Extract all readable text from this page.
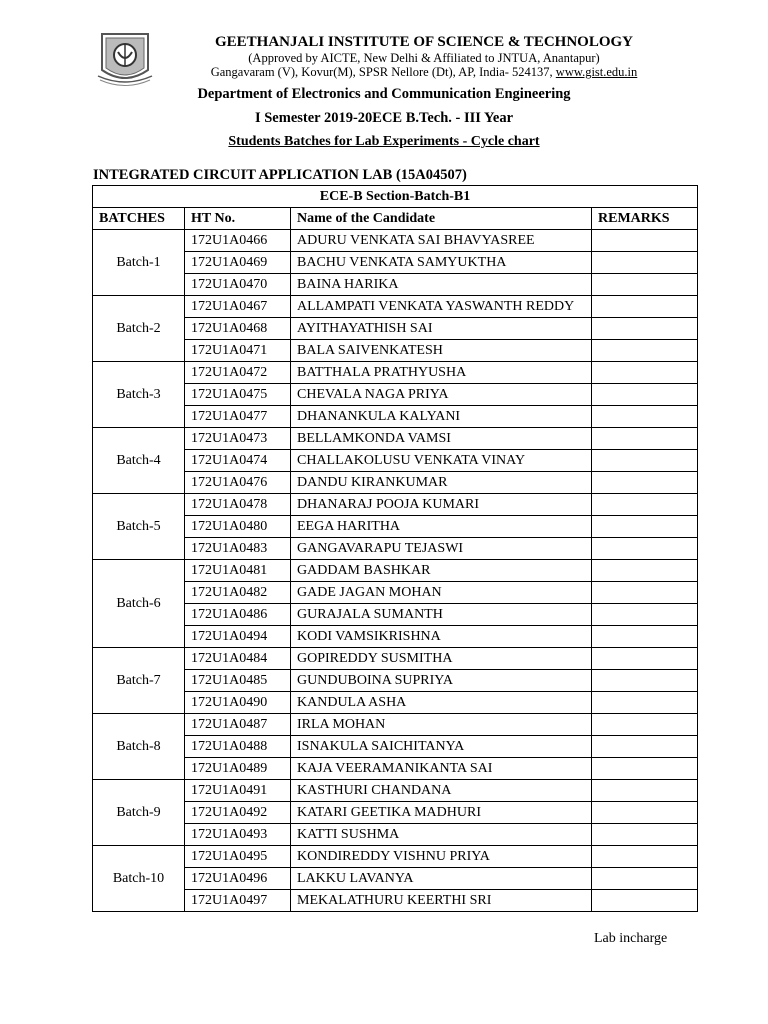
GEETHANJALI INSTITUTE OF SCIENCE & TECHNOLOGY
(Approved by AICTE, New Delhi & Affiliated to JNTUA, Anantapur)
Gangavaram (V), Kovur(M), SPSR Nellore (Dt), AP, India- 524137, www.gist.edu.in
Department of Electronics and Communication Engineering
I Semester 2019-20ECE B.Tech. - III Year
Students Batches for Lab Experiments - Cycle chart
INTEGRATED CIRCUIT APPLICATION LAB (15A04507)
ECE-B Section-Batch-B1			
BATCHES	HT No.	Name of the Candidate	REMARKS
Batch-1	172U1A0466	ADURU VENKATA SAI BHAVYASREE	
	172U1A0469	BACHU VENKATA SAMYUKTHA	
	172U1A0470	BAINA HARIKA	
Batch-2	172U1A0467	ALLAMPATI VENKATA YASWANTH REDDY	
	172U1A0468	AYITHAYATHISH SAI	
	172U1A0471	BALA SAIVENKATESH	
Batch-3	172U1A0472	BATTHALA PRATHYUSHA	
	172U1A0475	CHEVALA NAGA PRIYA	
	172U1A0477	DHANANKULA KALYANI	
Batch-4	172U1A0473	BELLAMKONDA VAMSI	
	172U1A0474	CHALLAKOLUSU VENKATA VINAY	
	172U1A0476	DANDU KIRANKUMAR	
Batch-5	172U1A0478	DHANARAJ POOJA KUMARI	
	172U1A0480	EEGA HARITHA	
	172U1A0483	GANGAVARAPU TEJASWI	
Batch-6	172U1A0481	GADDAM BASHKAR	
	172U1A0482	GADE JAGAN MOHAN	
	172U1A0486	GURAJALA SUMANTH	
	172U1A0494	KODI VAMSIKRISHNA	
Batch-7	172U1A0484	GOPIREDDY SUSMITHA	
	172U1A0485	GUNDUBOINA SUPRIYA	
	172U1A0490	KANDULA ASHA	
Batch-8	172U1A0487	IRLA MOHAN	
	172U1A0488	ISNAKULA SAICHITANYA	
	172U1A0489	KAJA VEERAMANIKANTA SAI	
Batch-9	172U1A0491	KASTHURI CHANDANA	
	172U1A0492	KATARI GEETIKA MADHURI	
	172U1A0493	KATTI SUSHMA	
Batch-10	172U1A0495	KONDIREDDY VISHNU PRIYA	
	172U1A0496	LAKKU LAVANYA	
	172U1A0497	MEKALATHURU KEERTHI SRI	
Lab incharge
